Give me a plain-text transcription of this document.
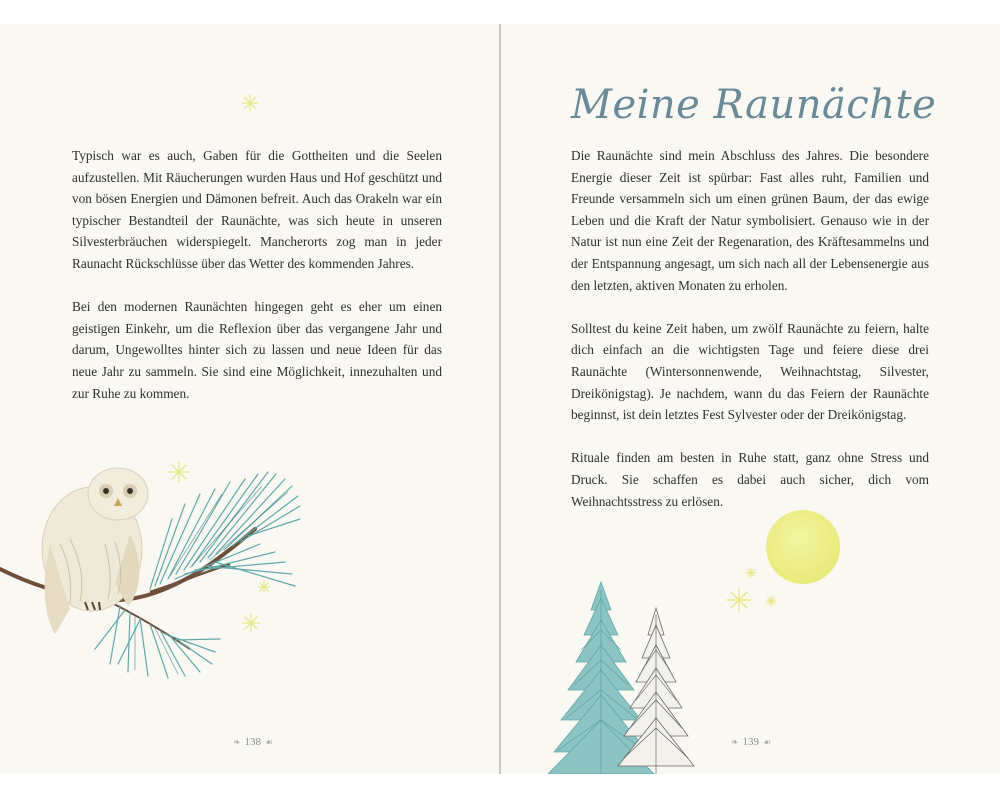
Typisch war es auch, Gaben für die Gottheiten und die Seelen aufzustellen. Mit Räucherungen wurden Haus und Hof geschützt und von bösen Energien und Dämonen befreit. Auch das Orakeln war ein typischer Bestandteil der Raunächte, was sich heute in unseren Silvesterbräuchen widerspiegelt. Mancherorts zog man in jeder Raunacht Rückschlüsse über das Wetter des kommenden Jahres.

Bei den modernen Raunächten hingegen geht es eher um einen geistigen Einkehr, um die Reflexion über das vergangene Jahr und darum, Ungewolltes hinter sich zu lassen und neue Ideen für das neue Jahr zu sammeln. Sie sind eine Möglichkeit, innezuhalten und zur Ruhe zu kommen.

❧ 138 ☙
Meine Raunächte

Die Raunächte sind mein Abschluss des Jahres. Die besondere Energie dieser Zeit ist spürbar: Fast alles ruht, Familien und Freunde versammeln sich um einen grünen Baum, der das ewige Leben und die Kraft der Natur symbolisiert. Genauso wie in der Natur ist nun eine Zeit der Regenaration, des Kräftesammelns und der Entspannung angesagt, um sich nach all der Lebensenergie aus den letzten, aktiven Monaten zu erholen.

Solltest du keine Zeit haben, um zwölf Raunächte zu feiern, halte dich einfach an die wichtigsten Tage und feiere diese drei Raunächte (Wintersonnenwende, Weihnachtstag, Silvester, Dreikönigstag). Je nachdem, wann du das Feiern der Raunächte beginnst, ist dein letztes Fest Sylvester oder der Dreikönigstag.

Rituale finden am besten in Ruhe statt, ganz ohne Stress und Druck. Sie schaffen es dabei auch sicher, dich vom Weihnachtsstress zu erlösen.

❧ 139 ☙
